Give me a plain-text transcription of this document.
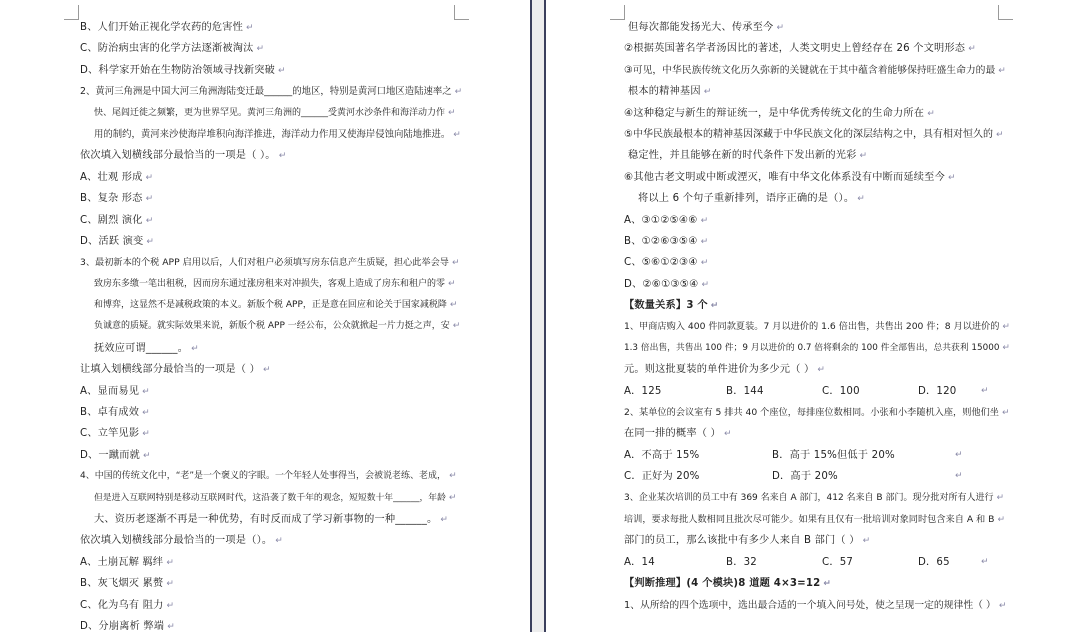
B、人们开始正视化学农药的危害性 ↵
C、防治病虫害的化学方法逐渐被淘汰 ↵
D、科学家开始在生物防治领域寻找新突破 ↵
2、黄河三角洲是中国大河三角洲海陆变迁最______的地区，特别是黄河口地区造陆速率之 ↵
快、尾闾迁徙之频繁，更为世界罕见。黄河三角洲的______受黄河水沙条件和海洋动力作 ↵
用的制约，黄河来沙使海岸堆积向海洋推进，海洋动力作用又使海岸侵蚀向陆地推进。 ↵
依次填入划横线部分最恰当的一项是（ ）。 ↵
A、壮观 形成 ↵
B、复杂 形态 ↵
C、剧烈 演化 ↵
D、活跃 演变 ↵
3、最初新本的个税 APP 启用以后，人们对租户必须填写房东信息产生质疑，担心此举会导 ↵
致房东多缴一笔出租税，因而房东通过涨房租来对冲损失，客观上造成了房东和租户的零 ↵
和博弈，这显然不是减税政策的本义。新版个税 APP，正是意在回应和论关于国家减税降 ↵
负诚意的质疑。就实际效果来说，新版个税 APP 一经公布，公众就掀起一片力挺之声，安 ↵
抚效应可谓______。 ↵
让填入划横线部分最恰当的一项是（ ） ↵
A、显而易见 ↵
B、卓有成效 ↵
C、立竿见影 ↵
D、一蹴而就 ↵
4、中国的传统文化中，“老”是一个褒义的字眼。一个年轻人处事得当，会被说老练、老成， ↵
但是进入互联网特别是移动互联网时代，这沿袭了数千年的观念，短短数十年______，年龄 ↵
大、资历老逐渐不再是一种优势，有时反而成了学习新事物的一种______。 ↵
依次填入划横线部分最恰当的一项是（）。 ↵
A、土崩瓦解 羁绊 ↵
B、灰飞烟灭 累赘 ↵
C、化为乌有 阻力 ↵
D、分崩离析 弊端 ↵
但每次都能发扬光大、传承至今 ↵
②根据英国著名学者汤因比的著述，人类文明史上曾经存在 26 个文明形态 ↵
③可见，中华民族传统文化历久弥新的关键就在于其中蕴含着能够保持旺盛生命力的最 ↵
根本的精神基因 ↵
④这种稳定与新生的辩证统一，是中华优秀传统文化的生命力所在 ↵
⑤中华民族最根本的精神基因深藏于中华民族文化的深层结构之中，具有相对恒久的 ↵
稳定性，并且能够在新的时代条件下发出新的光彩 ↵
⑥其他古老文明或中断或湮灭，唯有中华文化体系没有中断而延续至今 ↵
将以上 6 个句子重新排列，语序正确的是（）。 ↵
A、③①②⑤④⑥ ↵
B、①②⑥③⑤④ ↵
C、⑤⑥①②③④ ↵
D、②⑥①③⑤④ ↵
【数量关系】3 个 ↵
1、甲商店购入 400 件同款夏装。7 月以进价的 1.6 倍出售，共售出 200 件；8 月以进价的 ↵
1.3 倍出售，共售出 100 件；9 月以进价的 0.7 倍将剩余的 100 件全部售出，总共获利 15000 ↵
元。则这批夏装的单件进价为多少元（ ） ↵
A．125	B．144	C．100	D．120	↵
2、某单位的会议室有 5 排共 40 个座位，每排座位数相同。小张和小李随机入座，则他们坐 ↵
在同一排的概率（ ） ↵
A．不高于 15%	B．高于 15%但低于 20%	↵
C．正好为 20%	D．高于 20%	↵
3、企业某次培训的员工中有 369 名来自 A 部门，412 名来自 B 部门。现分批对所有人进行 ↵
培训，要求每批人数相同且批次尽可能少。如果有且仅有一批培训对象同时包含来自 A 和 B ↵
部门的员工，那么该批中有多少人来自 B 部门（ ） ↵
A．14	B．32	C．57	D．65	↵
【判断推理】(4 个模块)8 道题 4×3=12 ↵
1、从所给的四个选项中，选出最合适的一个填入问号处，使之呈现一定的规律性（ ） ↵
